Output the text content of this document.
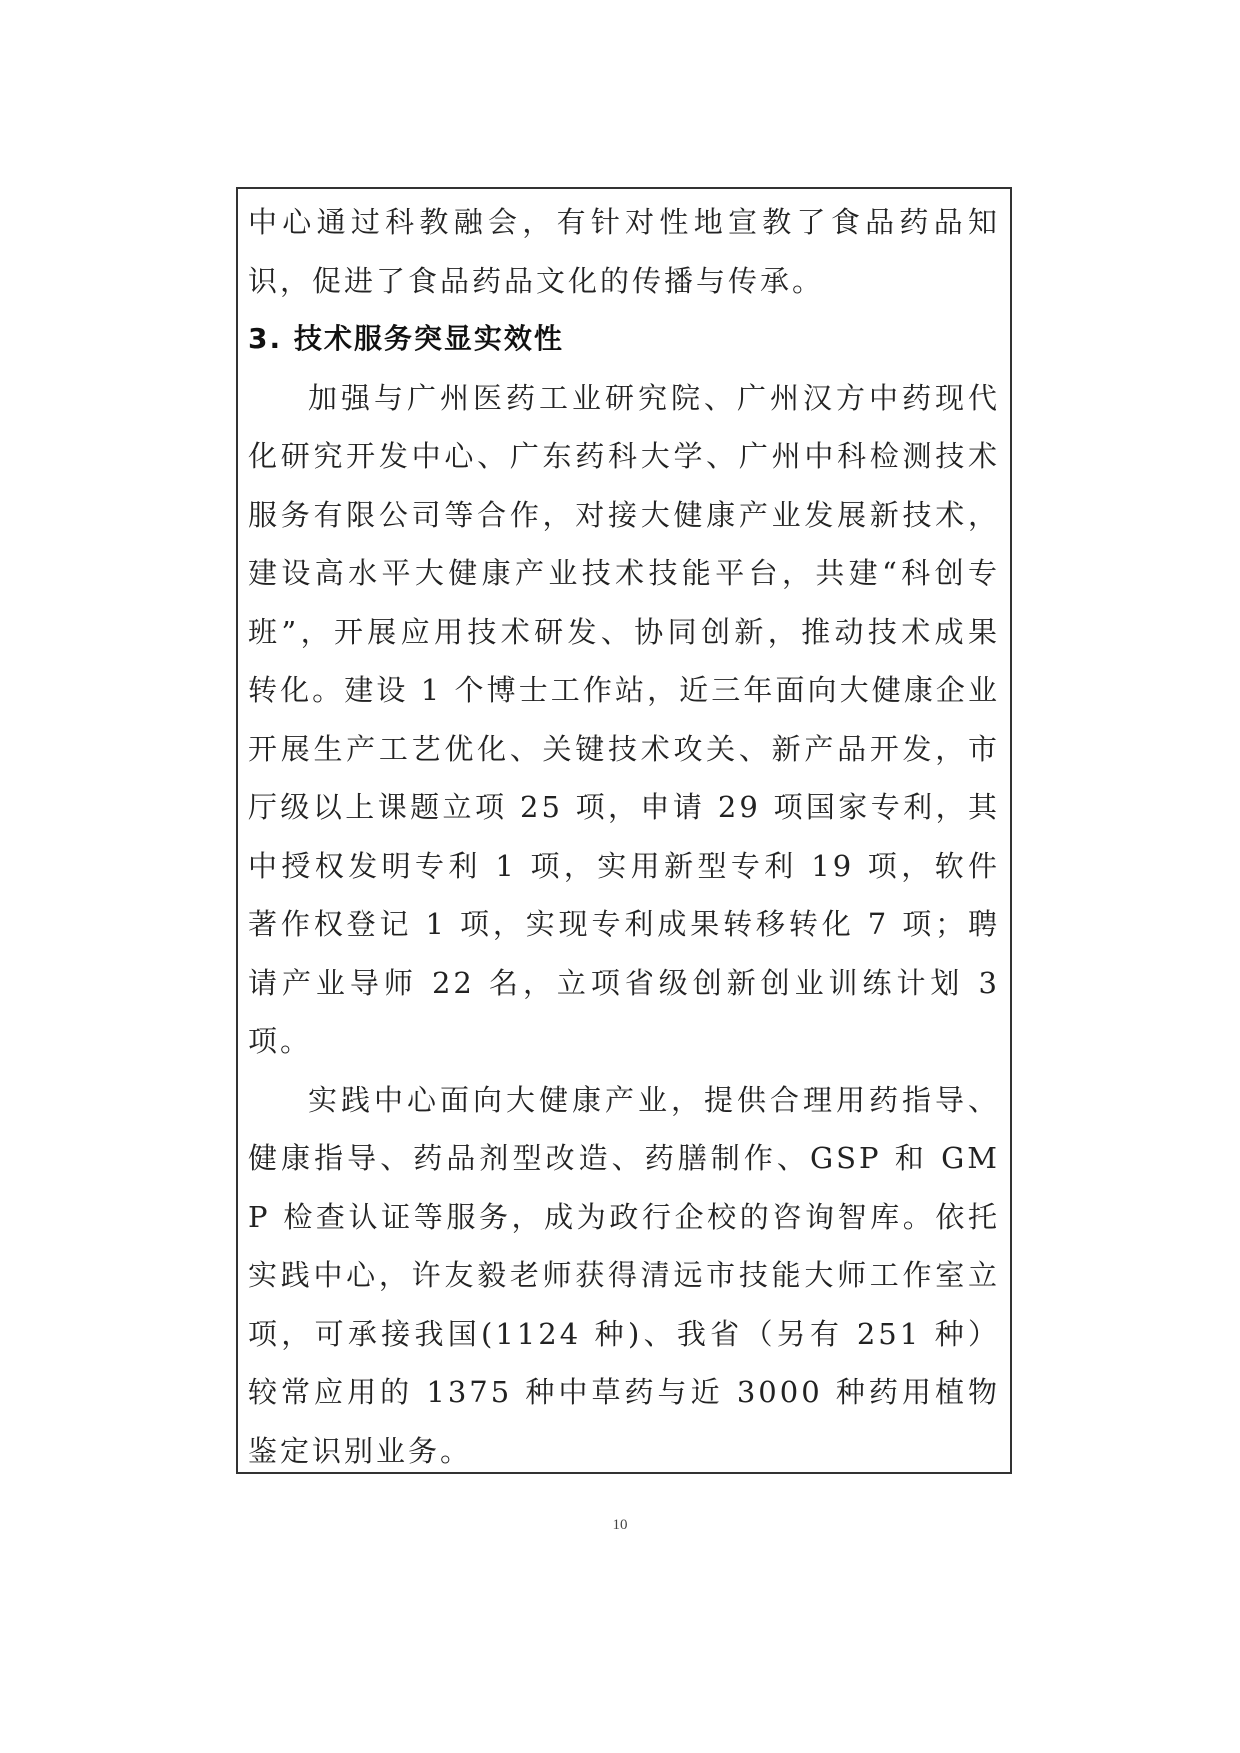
中心通过科教融会，有针对性地宣教了食品药品知识，促进了食品药品文化的传播与传承。

3. 技术服务突显实效性

加强与广州医药工业研究院、广州汉方中药现代化研究开发中心、广东药科大学、广州中科检测技术服务有限公司等合作，对接大健康产业发展新技术，建设高水平大健康产业技术技能平台，共建“科创专班”，开展应用技术研发、协同创新，推动技术成果转化。建设 1 个博士工作站，近三年面向大健康企业开展生产工艺优化、关键技术攻关、新产品开发，市厅级以上课题立项 25 项，申请 29 项国家专利，其中授权发明专利 1 项，实用新型专利 19 项，软件著作权登记 1 项，实现专利成果转移转化 7 项；聘请产业导师 22 名，立项省级创新创业训练计划 3 项。

实践中心面向大健康产业，提供合理用药指导、健康指导、药品剂型改造、药膳制作、GSP 和 GMP 检查认证等服务，成为政行企校的咨询智库。依托实践中心，许友毅老师获得清远市技能大师工作室立项，可承接我国(1124 种)、我省（另有 251 种）较常应用的 1375 种中草药与近 3000 种药用植物鉴定识别业务。

10
